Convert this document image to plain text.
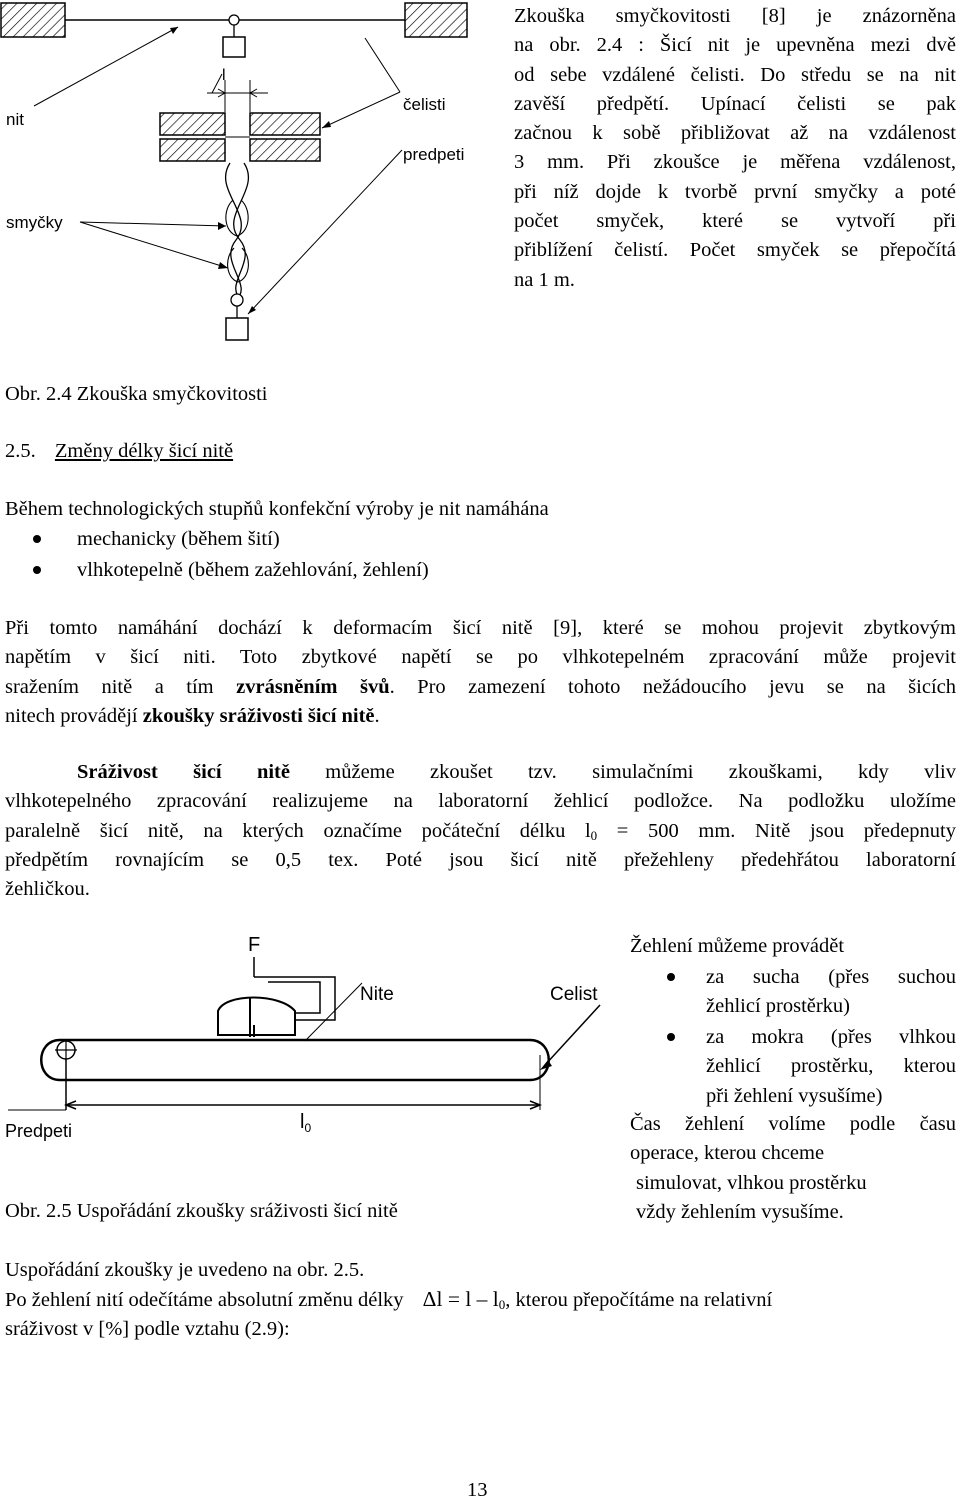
l
nit
čelisti
predpeti
smyčky
Zkouška smyčkovitosti [8] je znázorněna
na obr. 2.4 : Šicí nit je upevněna mezi dvě
od sebe vzdálené čelisti. Do středu se na nit
zavěší předpětí. Upínací čelisti se pak
začnou k sobě přibližovat až na vzdálenost
3 mm. Při zkoušce je měřena vzdálenost,
při níž dojde k tvorbě první smyčky a poté
počet smyček, které se vytvoří při
přiblížení čelistí. Počet smyček se přepočítá
na 1 m.
Obr. 2.4 Zkouška smyčkovitosti
2.5. Změny délky šicí nitě
Během technologických stupňů konfekční výroby je nit namáhána
mechanicky (během šití)
vlhkotepelně (během zažehlování, žehlení)
Při tomto namáhání dochází k deformacím šicí nitě [9], které se mohou projevit zbytkovým
napětím v šicí niti. Toto zbytkové napětí se po vlhkotepelném zpracování může projevit
sražením nitě a tím zvrásněním švů. Pro zamezení tohoto nežádoucího jevu se na šicích
nitech provádějí zkoušky sráživosti šicí nitě.
Sráživost šicí nitě můžeme zkoušet tzv. simulačními zkouškami, kdy vliv
vlhkotepelného zpracování realizujeme na laboratorní žehlicí podložce. Na podložku uložíme
paralelně šicí nitě, na kterých označíme počáteční délku $l_0 = 500$ mm. Nitě jsou předepnuty
předpětím rovnajícím se 0,5 tex. Poté jsou šicí nitě přežehleny předehřátou laboratorní
žehličkou.
F
Nite	Celist
Predpeti	$l_0$
Obr. 2.5 Uspořádání zkoušky sráživosti šicí nitě
Žehlení můžeme provádět
za sucha (přes suchou
žehlicí prostěrku)
za mokra (přes vlhkou
žehlicí prostěrku, kterou
při žehlení vysušíme)
Čas žehlení volíme podle času
operace, kterou chceme
simulovat, vlhkou prostěrku
vždy žehlením vysušíme.
Uspořádání zkoušky je uvedeno na obr. 2.5.
Po žehlení nití odečítáme absolutní změnu délky $\Delta l = l - l_0$, kterou přepočítáme na relativní
sráživost v [%] podle vztahu (2.9):
13
